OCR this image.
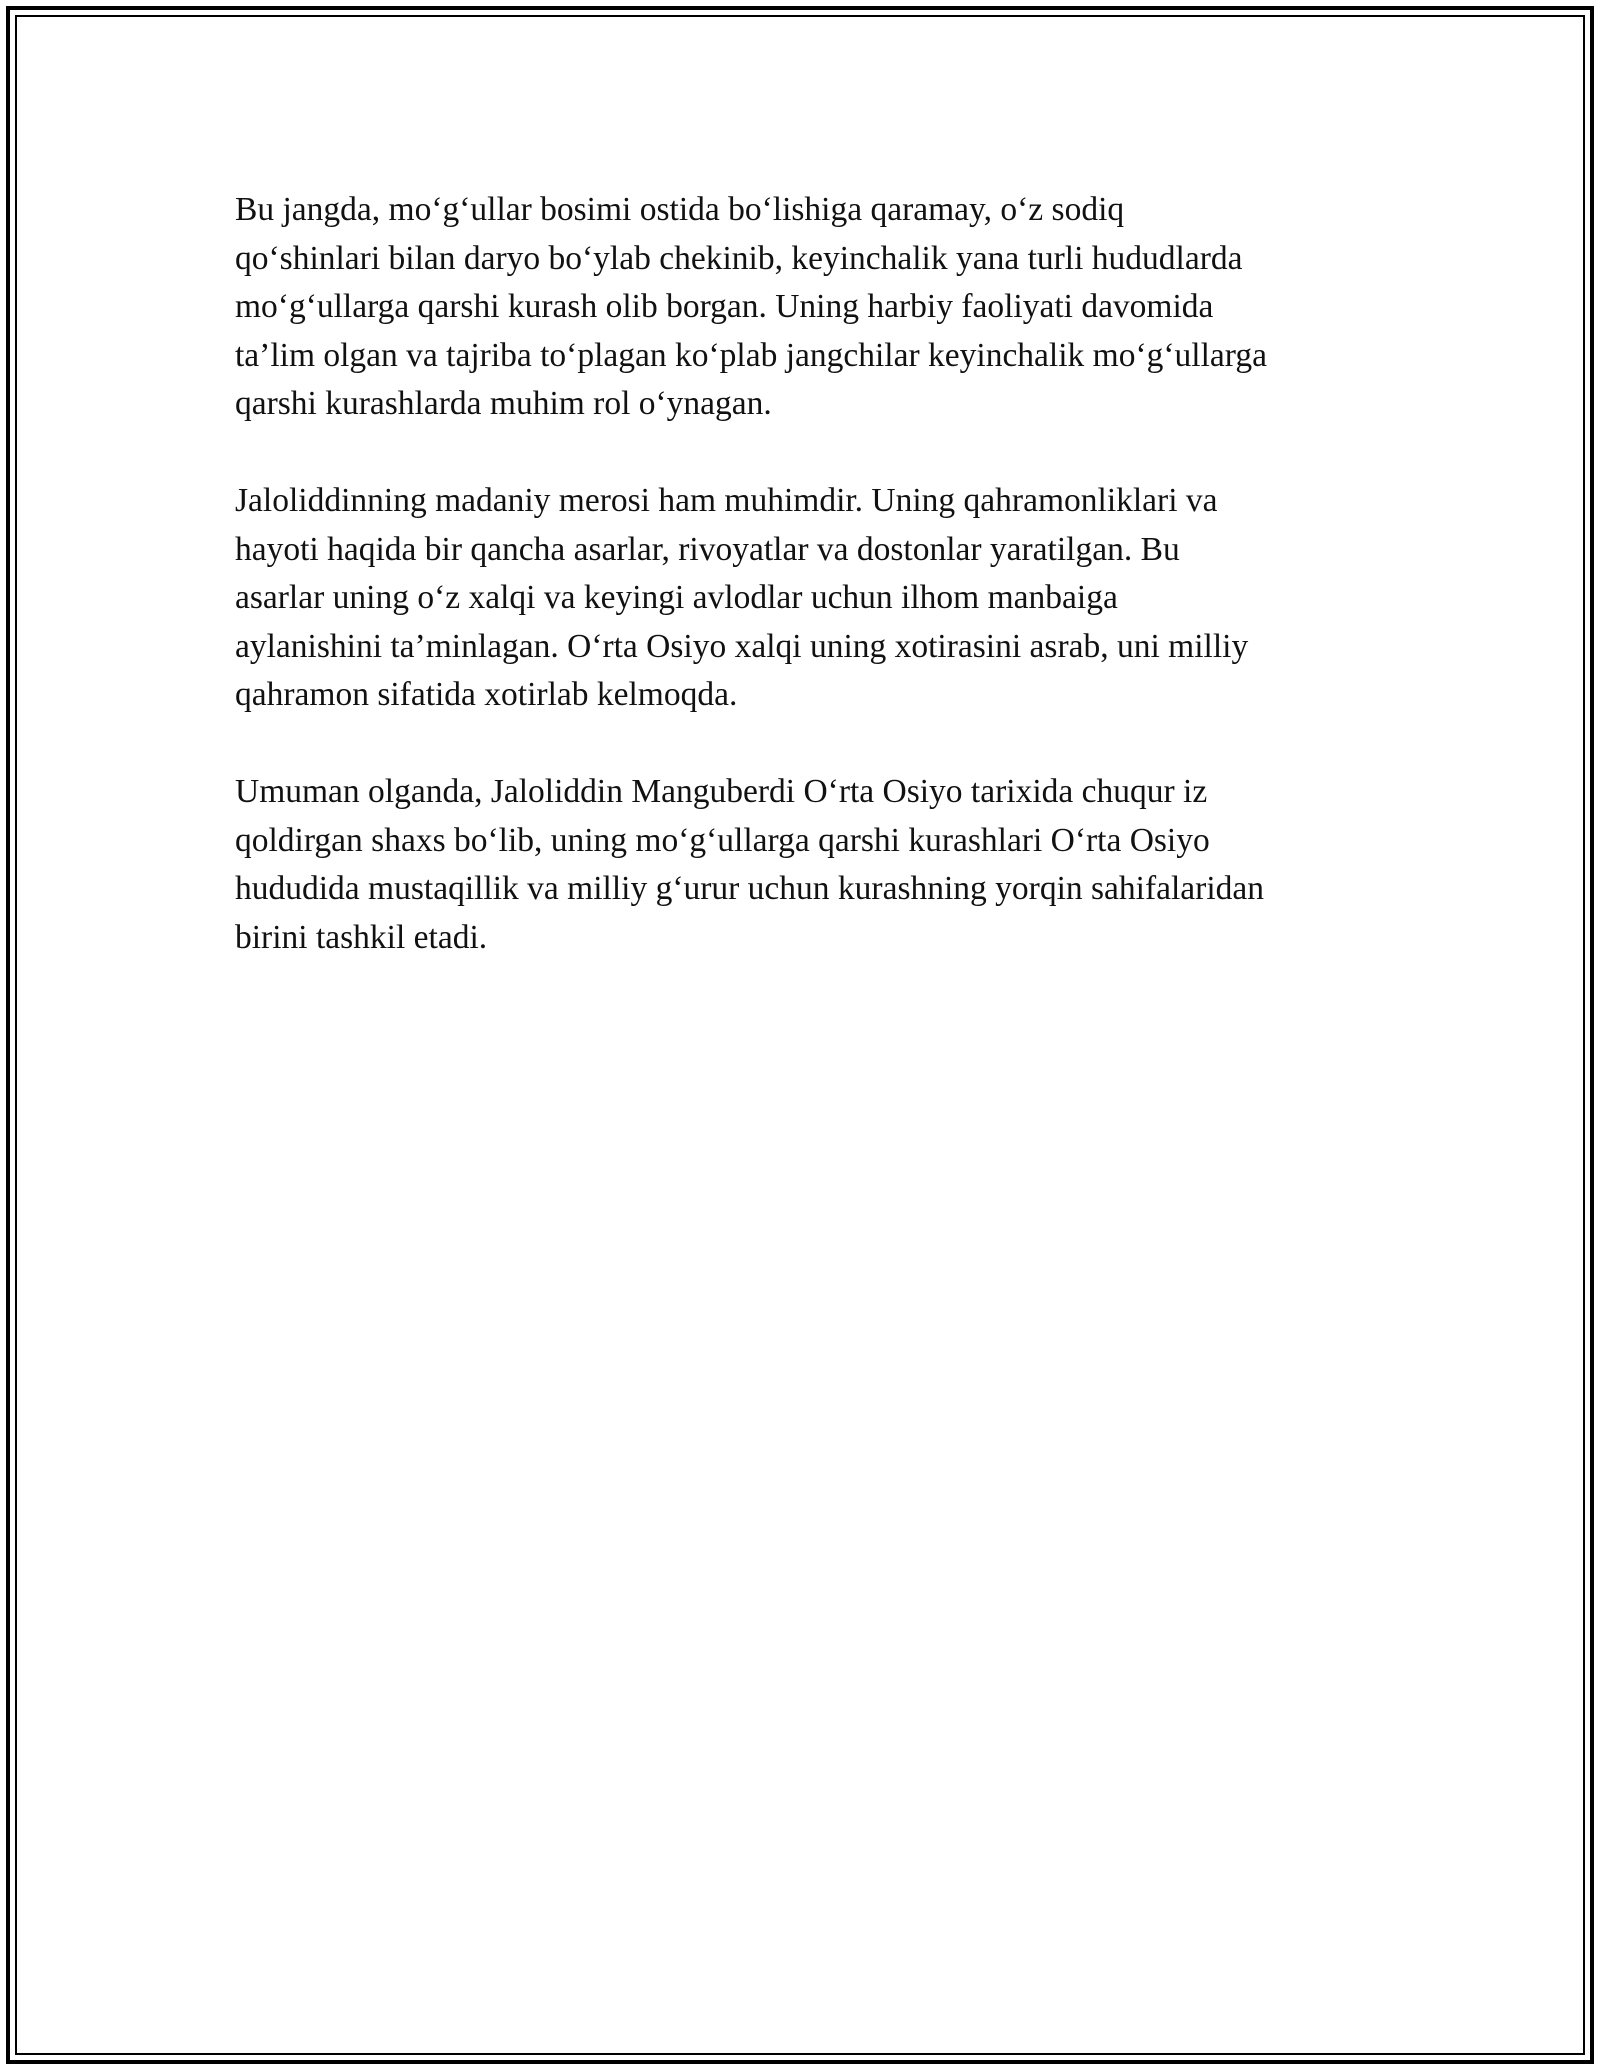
Bu jangda, mo‘g‘ullar bosimi ostida bo‘lishiga qaramay, o‘z sodiq
qo‘shinlari bilan daryo bo‘ylab chekinib, keyinchalik yana turli hududlarda
mo‘g‘ullarga qarshi kurash olib borgan. Uning harbiy faoliyati davomida
ta’lim olgan va tajriba to‘plagan ko‘plab jangchilar keyinchalik mo‘g‘ullarga
qarshi kurashlarda muhim rol o‘ynagan.

Jaloliddinning madaniy merosi ham muhimdir. Uning qahramonliklari va
hayoti haqida bir qancha asarlar, rivoyatlar va dostonlar yaratilgan. Bu
asarlar uning o‘z xalqi va keyingi avlodlar uchun ilhom manbaiga
aylanishini ta’minlagan. O‘rta Osiyo xalqi uning xotirasini asrab, uni milliy
qahramon sifatida xotirlab kelmoqda.

Umuman olganda, Jaloliddin Manguberdi O‘rta Osiyo tarixida chuqur iz
qoldirgan shaxs bo‘lib, uning mo‘g‘ullarga qarshi kurashlari O‘rta Osiyo
hududida mustaqillik va milliy g‘urur uchun kurashning yorqin sahifalaridan
birini tashkil etadi.
